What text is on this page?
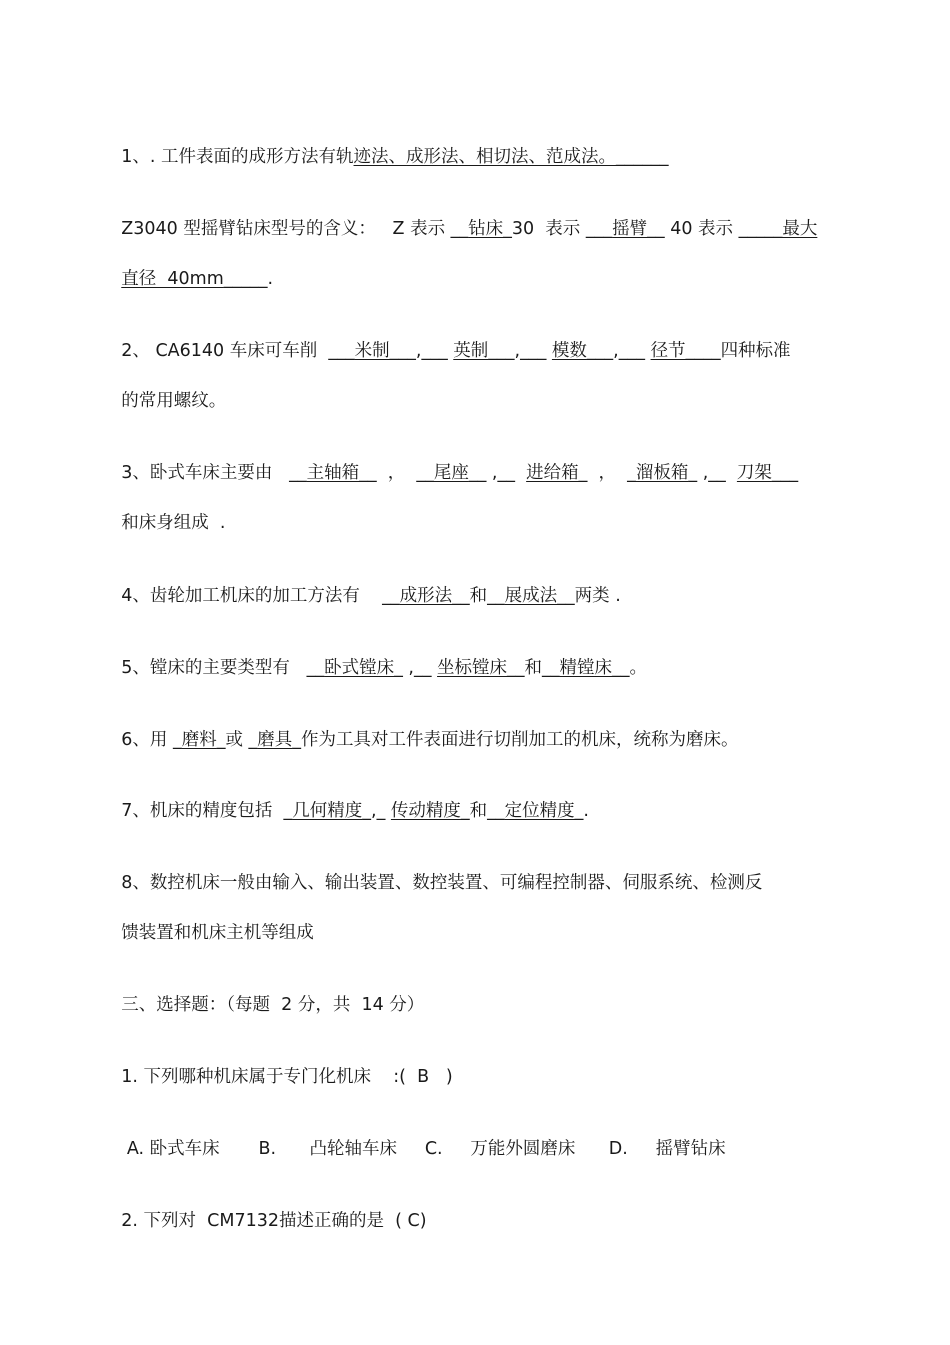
1、. 工件表面的成形方法有轨迹法、成形法、相切法、范成法。______

Z3040 型摇臂钻床型号的含义：   Z 表示 __钻床_30  表示 ___摇臂__ 40 表示 _____最大

直径  40mm_____.

2、 CA6140 车床可车削  ___米制___,___ 英制___,___ 模数___,___ 径节____四种标准

的常用螺纹。

3、卧式车床主要由   __主轴箱__  ，  __尾座__ ,__  进给箱_  ，  _溜板箱_ ,__  刀架___

和床身组成  .

4、齿轮加工机床的加工方法有    __成形法__和__展成法__两类 .

5、镗床的主要类型有   __卧式镗床_ ,__ 坐标镗床__和__精镗床__。

6、用 _磨料_或 _磨具_作为工具对工件表面进行切削加工的机床，统称为磨床。

7、机床的精度包括  _几何精度_,_ 传动精度_和__定位精度_.

8、数控机床一般由输入、输出装置、数控装置、可编程控制器、伺服系统、检测反

馈装置和机床主机等组成

三、选择题：（每题  2 分，共  14 分）

1. 下列哪种机床属于专门化机床    :(  B   )

A. 卧式车床       B.      凸轮轴车床     C.     万能外圆磨床      D.     摇臂钻床

2. 下列对  CM7132描述正确的是  ( C)
